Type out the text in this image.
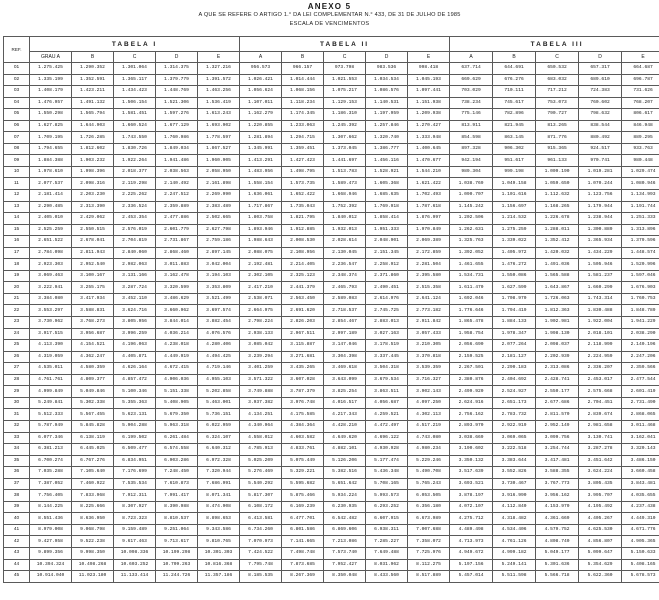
ANEXO 5
A QUE SE REFERE O ARTIGO 1.° DA LEI COMPLEMENTAR N.° 433, DE 31 DE JULHO DE 1985
ESCALA DE VENCIMENTOS
REF.	TABELA I					TABELA II					TABELA III				
	GRAU A	B	C	D	E	A	B	C	D	E	A	B	C	D	E
01	1.275.425	1.290.352	1.301.064	1.314.375	1.327.216	956.573	966.157	973.798	983.536	998.418	637.714	644.691	650.532	657.317	664.687
02	1.335.199	1.352.591	1.365.117	1.379.779	1.391.572	1.026.421	1.014.444	1.021.553	1.034.534	1.045.193	669.629	676.276	683.032	689.610	696.787
03	1.408.179	1.423.211	1.434.423	1.448.769	1.463.256	1.056.624	1.068.156	1.075.217	1.086.576	1.097.441	703.029	710.111	717.212	724.383	731.626
04	1.476.957	1.491.132	1.506.154	1.521.306	1.536.419	1.107.011	1.118.234	1.129.153	1.140.531	1.151.938	738.234	745.617	753.073	760.602	768.207
05	1.550.298	1.565.794	1.581.451	1.597.276	1.613.243	1.162.279	1.174.345	1.186.310	1.197.959	1.209.938	775.146	782.896	790.727	798.632	806.617
06	1.627.825	1.644.903	1.660.524	1.677.129	1.693.902	1.220.855	1.233.063	1.245.392	1.257.846	1.270.427	813.911	821.945	813.265	838.544	846.948
07	1.709.195	1.726.285	1.743.550	1.760.986	1.778.597	1.281.894	1.294.715	1.307.662	1.320.740	1.333.948	854.598	863.145	871.776	880.492	889.295
08	1.794.655	1.812.602	1.830.726	1.849.034	1.867.527	1.345.991	1.359.451	1.373.045	1.386.777	1.400.645	897.328	906.302	915.365	924.517	933.763
09	1.884.388	1.903.232	1.922.264	1.941.486	1.960.905	1.413.291	1.427.423	1.441.697	1.456.116	1.470.677	942.194	951.617	961.133	970.741	980.448
10	1.978.610	1.998.396	2.018.377	2.038.563	2.058.950	1.483.956	1.498.795	1.513.783	1.528.921	1.544.210	989.304	999.198	1.009.190	1.019.281	1.029.474
11	2.077.537	2.098.316	2.119.298	2.140.492	2.161.898	1.558.154	1.573.735	1.589.473	1.605.368	1.621.422	1.038.769	1.049.158	1.059.650	1.070.244	1.080.946
12	2.181.414	2.203.230	2.225.262	2.247.512	2.269.990	1.636.061	1.652.422	1.668.946	1.685.635	1.702.493	1.090.707	1.101.616	1.112.632	1.123.756	1.134.993
13	2.290.485	2.313.390	2.336.524	2.359.889	2.383.489	1.717.867	1.735.043	1.752.392	1.769.918	1.787.618	1.145.242	1.156.697	1.168.265	1.179.944	1.191.744
14	2.405.010	2.429.062	2.453.354	2.477.886	2.502.665	1.803.758	1.821.795	1.840.012	1.858.414	1.876.997	1.202.506	1.214.532	1.226.678	1.238.944	1.251.333
15	2.525.259	2.550.515	2.576.019	2.601.779	2.627.798	1.893.946	1.912.885	1.932.013	1.951.333	1.970.849	1.262.631	1.275.259	1.288.011	1.300.889	1.313.896
16	2.651.522	2.678.041	2.704.819	2.731.867	2.759.186	1.988.643	2.008.530	2.028.614	2.048.901	2.069.389	1.325.763	1.339.022	1.352.412	1.365.934	1.379.596
17	2.784.098	2.811.943	2.840.060	2.868.460	2.897.145	2.088.075	2.108.956	2.130.045	2.151.345	2.172.859	1.392.052	1.405.972	1.420.032	1.434.229	1.448.574
18	2.923.303	2.952.540	2.982.063	3.011.883	3.042.004	2.192.481	2.214.405	2.236.547	2.258.912	2.281.504	1.461.655	1.476.272	1.491.036	1.505.946	1.520.996
19	3.069.463	3.100.167	3.131.166	3.162.478	3.194.103	2.302.105	2.325.123	2.348.374	2.371.860	2.395.580	1.534.731	1.550.086	1.565.588	1.581.237	1.597.046
20	3.222.941	3.255.175	3.287.724	3.320.599	3.353.809	2.417.210	2.441.379	2.465.793	2.490.451	2.515.358	1.611.470	1.627.599	1.643.867	1.660.299	1.676.903
21	3.384.080	3.417.934	3.452.110	3.486.629	3.521.499	2.538.071	2.563.450	2.589.083	2.614.976	2.641.124	1.692.046	1.708.970	1.726.063	1.743.314	1.760.753
22	3.553.297	3.588.831	3.624.716	3.660.962	3.697.574	2.664.975	2.691.620	2.718.537	2.745.725	2.773.182	1.776.646	1.794.419	1.812.363	1.830.488	1.848.789
23	3.730.962	3.768.273	3.805.956	3.844.014	3.882.454	2.798.224	2.826.203	2.854.467	2.883.013	2.911.842	1.865.478	1.884.133	1.902.981	1.922.004	1.941.229
24	3.917.515	3.956.687	3.996.259	4.036.214	4.076.576	2.938.133	2.967.511	2.997.189	3.027.163	3.057.433	1.958.754	1.978.347	1.998.130	2.018.101	2.038.290
25	4.113.390	4.154.521	4.196.063	4.238.018	4.280.406	3.085.042	3.115.887	3.147.046	3.178.519	3.210.305	2.056.690	2.077.264	2.098.037	2.118.999	2.140.196
26	4.319.059	4.362.247	4.405.871	4.449.919	4.494.425	3.239.294	3.271.681	3.304.398	3.337.445	3.370.818	2.159.525	2.181.127	2.202.939	2.224.959	2.247.206
27	4.535.011	4.580.359	4.626.164	4.672.415	4.719.146	3.401.259	3.435.265	3.469.618	3.504.318	3.539.359	2.267.501	2.290.183	2.313.086	2.336.207	2.359.566
28	4.761.761	4.809.377	4.857.472	4.906.036	4.955.103	3.571.322	3.607.028	3.643.099	3.679.534	3.716.327	2.380.876	2.404.692	2.428.741	2.453.017	2.477.544
29	4.999.849	5.049.846	5.100.346	5.151.338	5.202.858	3.749.888	3.787.379	3.825.254	3.863.511	3.902.143	2.499.920	2.524.927	2.550.177	2.575.668	2.601.419
30	5.249.841	5.302.338	5.355.363	5.408.905	5.463.001	3.937.382	3.976.748	4.016.517	4.056.687	4.097.250	2.624.916	2.651.173	2.677.686	2.704.451	2.731.490
31	5.512.333	5.567.455	5.623.131	5.679.350	5.736.151	4.134.251	4.175.585	4.217.343	4.259.521	4.302.113	2.756.162	2.783.732	2.811.570	2.839.674	2.868.065
32	5.787.949	5.845.828	5.904.288	5.963.318	6.022.959	4.340.964	4.384.364	4.428.210	4.472.497	4.517.219	2.893.970	2.922.919	2.952.149	2.981.658	3.011.468
33	6.077.346	6.138.119	6.199.502	6.261.484	6.324.107	4.558.012	4.603.582	4.649.620	4.696.122	4.743.080	3.038.669	3.069.065	3.099.756	3.130.741	3.162.041
34	6.381.213	6.445.025	6.509.477	6.574.558	6.640.312	4.785.913	4.833.761	4.882.101	4.930.928	4.980.234	3.190.602	3.222.518	3.254.744	3.287.278	3.320.143
35	6.700.274	6.767.276	6.834.951	6.903.286	6.972.328	5.025.209	5.075.449	5.126.206	5.177.474	5.229.246	3.350.132	3.383.644	3.417.481	3.451.642	3.486.150
36	7.035.288	7.105.640	7.176.699	7.248.450	7.320.944	5.276.469	5.329.221	5.382.516	5.436.348	5.490.708	3.517.639	3.552.826	3.588.355	3.624.224	3.660.458
37	7.387.052	7.460.922	7.535.534	7.610.873	7.686.991	5.540.292	5.595.682	5.651.642	5.708.165	5.765.243	3.693.521	3.730.467	3.767.773	3.805.435	3.843.481
38	7.756.405	7.833.968	7.912.311	7.991.417	8.071.341	5.817.307	5.875.466	5.934.224	5.993.573	6.053.505	3.878.197	3.916.990	3.956.162	3.995.707	4.035.655
39	8.144.225	8.225.666	8.307.927	8.390.988	8.474.908	6.108.172	6.169.239	6.230.935	6.293.252	6.356.180	4.072.107	4.112.840	4.153.970	4.195.492	4.237.438
40	8.551.436	8.636.950	8.723.323	8.810.537	8.898.653	6.413.581	6.477.701	6.542.482	6.607.915	6.673.989	4.275.712	4.318.482	4.361.669	4.405.267	4.449.310
41	8.979.008	9.068.798	9.159.489	9.251.064	9.343.586	6.734.260	6.801.586	6.869.606	6.938.311	7.007.688	4.489.498	4.534.406	4.579.752	4.625.530	4.671.776
42	9.427.958	9.522.238	9.617.463	9.713.617	9.810.765	7.070.973	7.141.665	7.213.086	7.285.227	7.358.072	4.713.973	4.761.126	4.808.740	4.856.807	4.905.365
43	9.899.356	9.998.350	10.098.336	10.199.298	10.301.303	7.424.522	7.498.748	7.573.740	7.649.488	7.725.976	4.949.672	4.999.182	5.049.177	5.099.647	5.150.633
44	10.394.324	10.498.268	10.603.252	10.709.263	10.816.368	7.795.748	7.873.685	7.952.427	8.031.962	8.112.275	5.197.156	5.249.141	5.301.636	5.354.629	5.408.165
45	10.914.040	11.023.180	11.133.414	11.244.726	11.357.186	8.185.535	8.267.369	8.350.048	8.433.560	8.517.889	5.457.014	5.511.598	5.566.718	5.622.360	5.678.573
